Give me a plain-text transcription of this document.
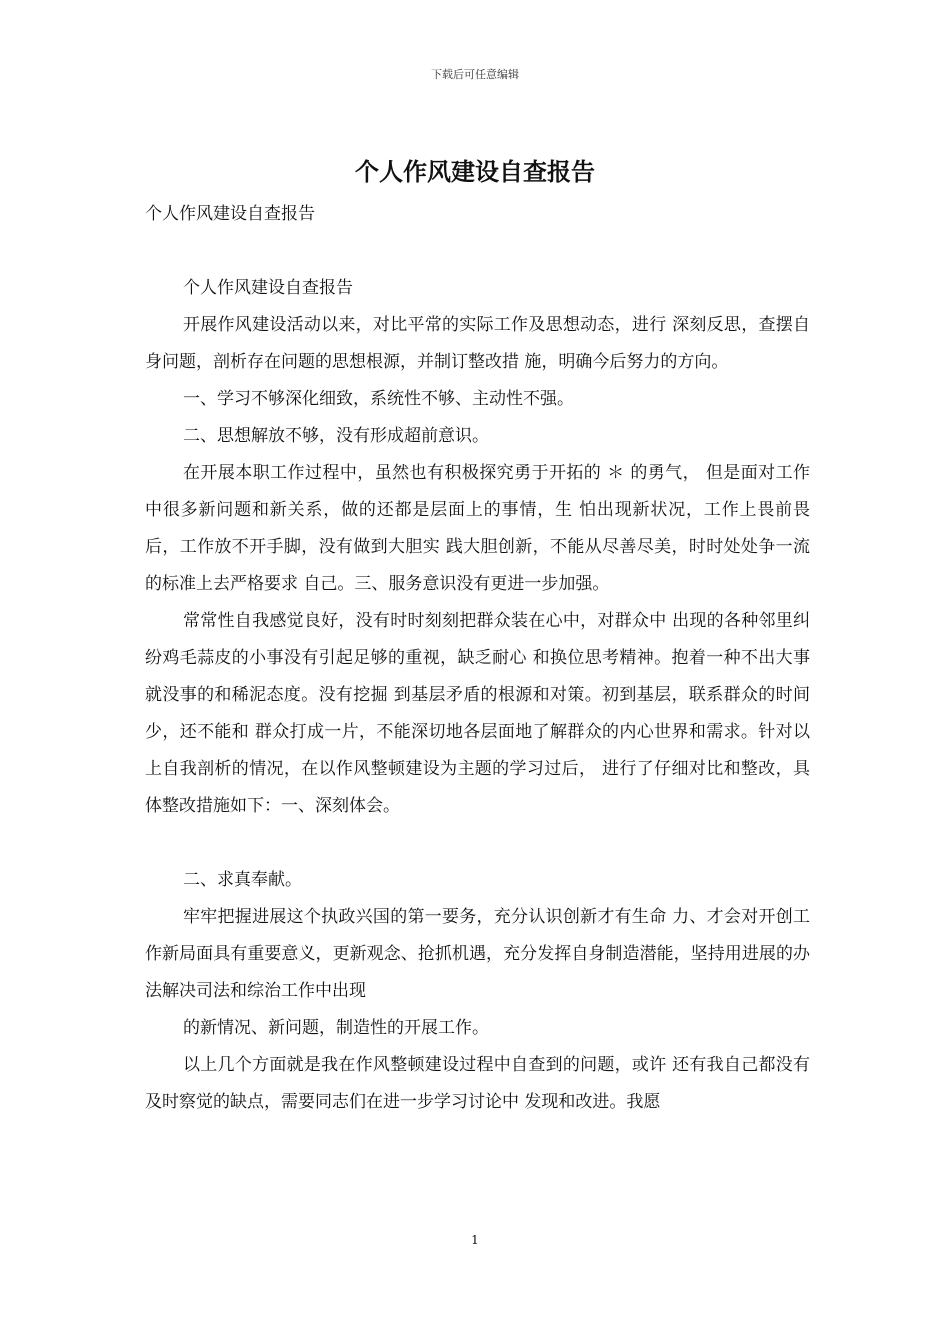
下载后可任意编辑
个人作风建设自查报告

个人作风建设自查报告

个人作风建设自查报告

开展作风建设活动以来，对比平常的实际工作及思想动态，进行 深刻反思，查摆自身问题，剖析存在问题的思想根源，并制订整改措 施，明确今后努力的方向。

一、学习不够深化细致，系统性不够、主动性不强。

二、思想解放不够，没有形成超前意识。

在开展本职工作过程中，虽然也有积极探究勇于开拓的 ＊ 的勇气， 但是面对工作中很多新问题和新关系，做的还都是层面上的事情，生 怕出现新状况，工作上畏前畏后，工作放不开手脚，没有做到大胆实 践大胆创新，不能从尽善尽美，时时处处争一流的标准上去严格要求 自己。三、服务意识没有更进一步加强。

常常性自我感觉良好，没有时时刻刻把群众装在心中，对群众中 出现的各种邻里纠纷鸡毛蒜皮的小事没有引起足够的重视，缺乏耐心 和换位思考精神。抱着一种不出大事就没事的和稀泥态度。没有挖掘 到基层矛盾的根源和对策。初到基层，联系群众的时间少，还不能和 群众打成一片，不能深切地各层面地了解群众的内心世界和需求。针对以上自我剖析的情况，在以作风整顿建设为主题的学习过后， 进行了仔细对比和整改，具体整改措施如下：一、深刻体会。

二、求真奉献。

牢牢把握进展这个执政兴国的第一要务，充分认识创新才有生命 力、才会对开创工作新局面具有重要意义，更新观念、抢抓机遇，充分发挥自身制造潜能，坚持用进展的办法解决司法和综治工作中出现

的新情况、新问题，制造性的开展工作。

以上几个方面就是我在作风整顿建设过程中自查到的问题，或许 还有我自己都没有及时察觉的缺点，需要同志们在进一步学习讨论中 发现和改进。我愿

1
